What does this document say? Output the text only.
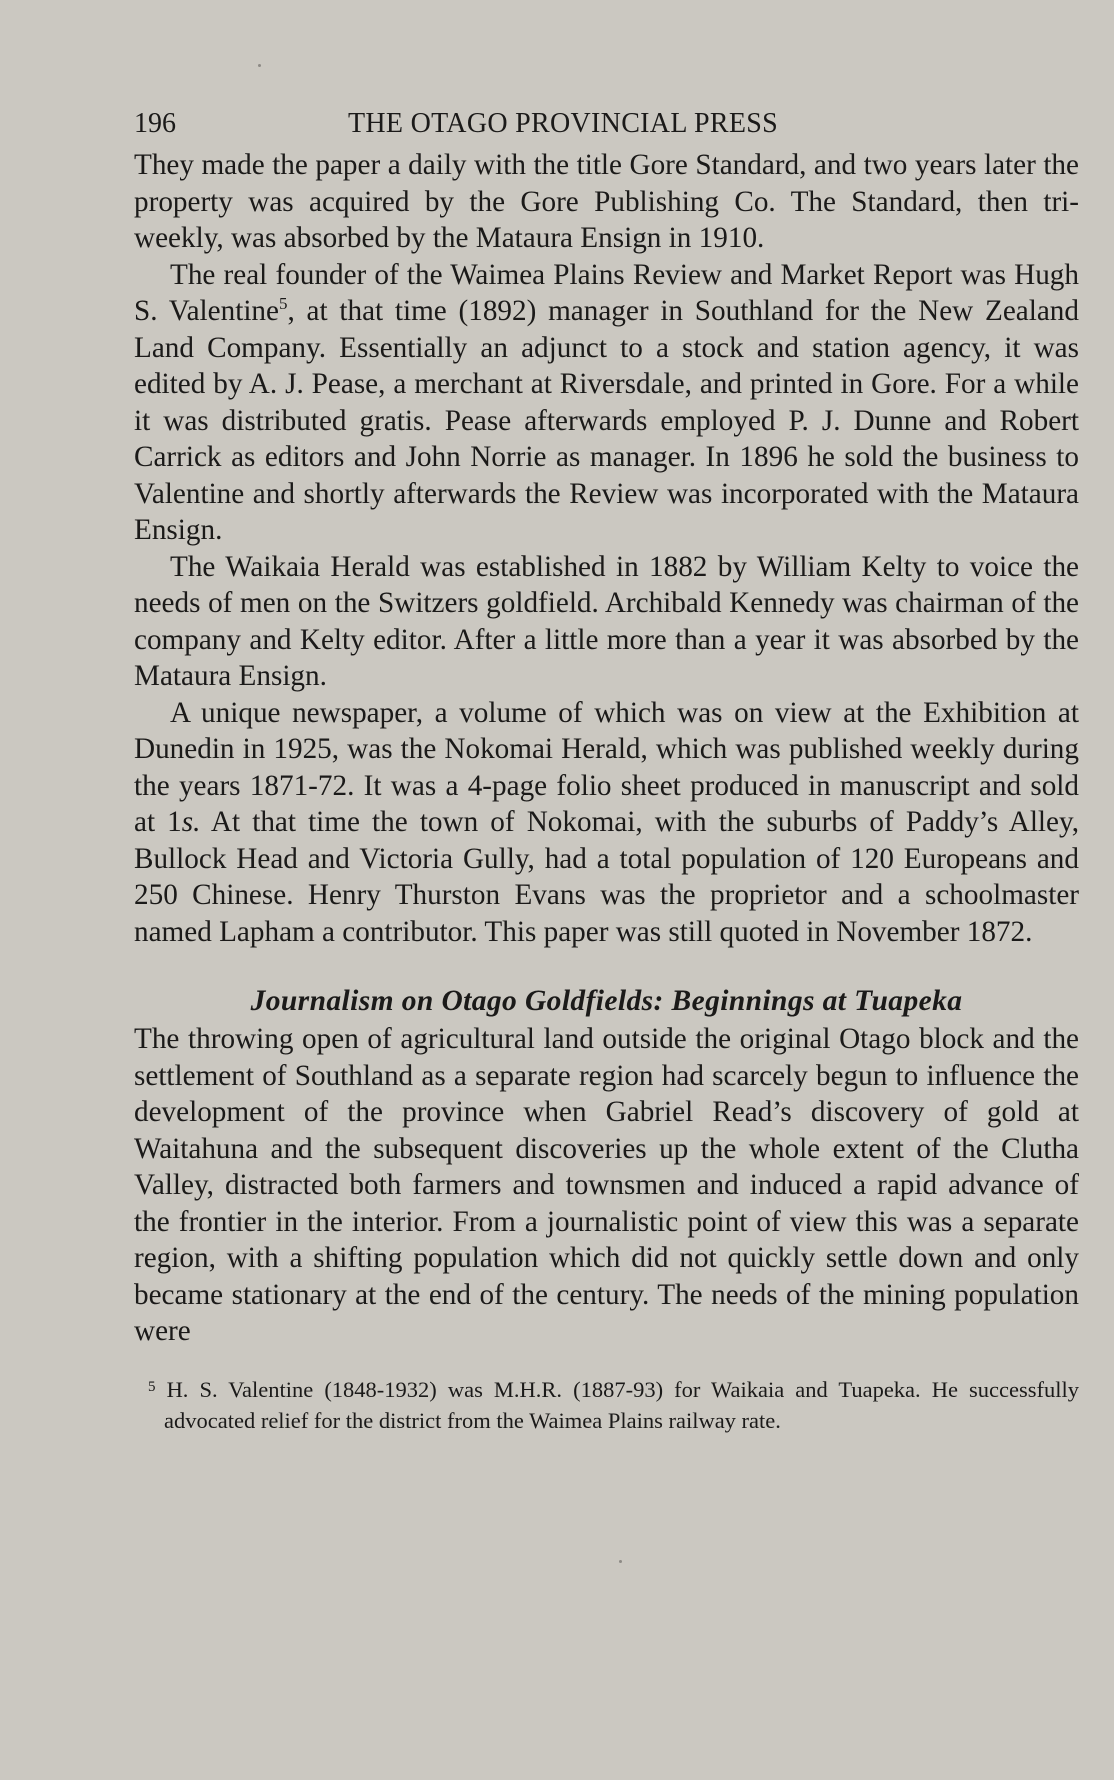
196	THE OTAGO PROVINCIAL PRESS

They made the paper a daily with the title Gore Standard, and two years later the property was acquired by the Gore Publishing Co. The Standard, then tri-weekly, was absorbed by the Mataura Ensign in 1910.

The real founder of the Waimea Plains Review and Market Report was Hugh S. Valentine$^5$, at that time (1892) manager in Southland for the New Zealand Land Company. Essentially an adjunct to a stock and station agency, it was edited by A. J. Pease, a merchant at Riversdale, and printed in Gore. For a while it was distributed gratis. Pease afterwards employed P. J. Dunne and Robert Carrick as editors and John Norrie as manager. In 1896 he sold the business to Valentine and shortly afterwards the Review was incorporated with the Mataura Ensign.

The Waikaia Herald was established in 1882 by William Kelty to voice the needs of men on the Switzers goldfield. Archibald Kennedy was chairman of the company and Kelty editor. After a little more than a year it was absorbed by the Mataura Ensign.

A unique newspaper, a volume of which was on view at the Exhibition at Dunedin in 1925, was the Nokomai Herald, which was published weekly during the years 1871-72. It was a 4-page folio sheet produced in manuscript and sold at 1s. At that time the town of Nokomai, with the suburbs of Paddy’s Alley, Bullock Head and Victoria Gully, had a total population of 120 Europeans and 250 Chinese. Henry Thurston Evans was the proprietor and a schoolmaster named Lapham a contributor. This paper was still quoted in November 1872.

Journalism on Otago Goldfields: Beginnings at Tuapeka

The throwing open of agricultural land outside the original Otago block and the settlement of Southland as a separate region had scarcely begun to influence the development of the province when Gabriel Read’s discovery of gold at Waitahuna and the subsequent discoveries up the whole extent of the Clutha Valley, distracted both farmers and townsmen and induced a rapid advance of the frontier in the interior. From a journalistic point of view this was a separate region, with a shifting population which did not quickly settle down and only became stationary at the end of the century. The needs of the mining population were

$^5$ H. S. Valentine (1848-1932) was M.H.R. (1887-93) for Waikaia and Tuapeka. He successfully advocated relief for the district from the Waimea Plains railway rate.
